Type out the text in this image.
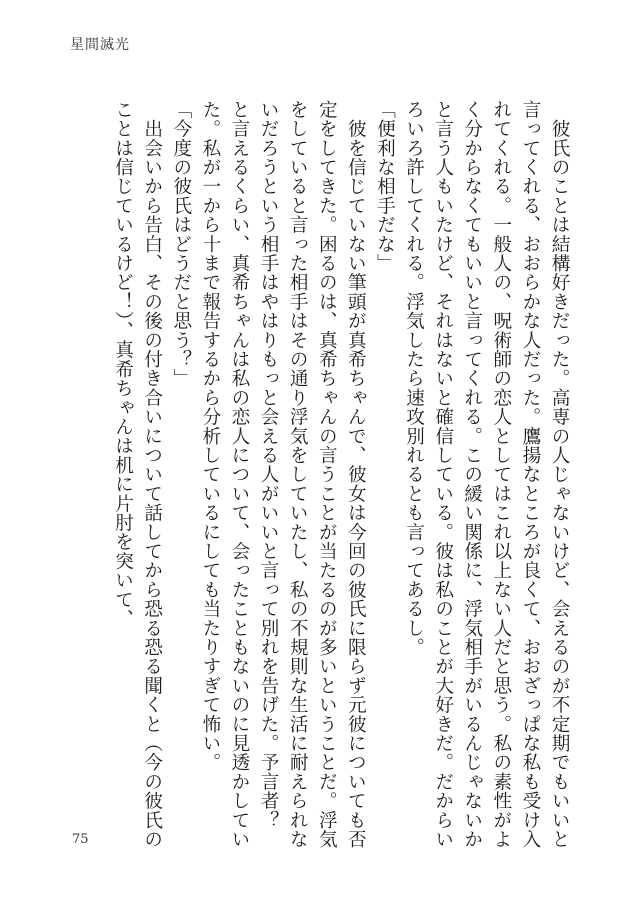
星間滅光
　彼氏のことは結構好きだった。高専の人じゃないけど、会えるのが不定期でもいいと
言ってくれる、おおらかな人だった。鷹揚なところが良くて、おおざっぱな私も受け入
れてくれる。一般人の、呪術師の恋人としてはこれ以上ない人だと思う。私の素性がよ
く分からなくてもいいと言ってくれる。この緩い関係に、浮気相手がいるんじゃないか
と言う人もいたけど、それはないと確信している。彼は私のことが大好きだ。だからい
ろいろ許してくれる。浮気したら速攻別れるとも言ってあるし。
「便利な相手だな」
　彼を信じていない筆頭が真希ちゃんで、彼女は今回の彼氏に限らず元彼についても否
定をしてきた。困るのは、真希ちゃんの言うことが当たるのが多いということだ。浮気
をしていると言った相手はその通り浮気をしていたし、私の不規則な生活に耐えられな
いだろうという相手はやはりもっと会える人がいいと言って別れを告げた。予言者？
と言えるくらい、真希ちゃんは私の恋人について、会ったこともないのに見透かしてい
た。私が一から十まで報告するから分析しているにしても当たりすぎて怖い。
「今度の彼氏はどうだと思う？」
　出会いから告白、その後の付き合いについて話してから恐る恐る聞くと（今の彼氏の
ことは信じているけど！）、真希ちゃんは机に片肘を突いて、
75
